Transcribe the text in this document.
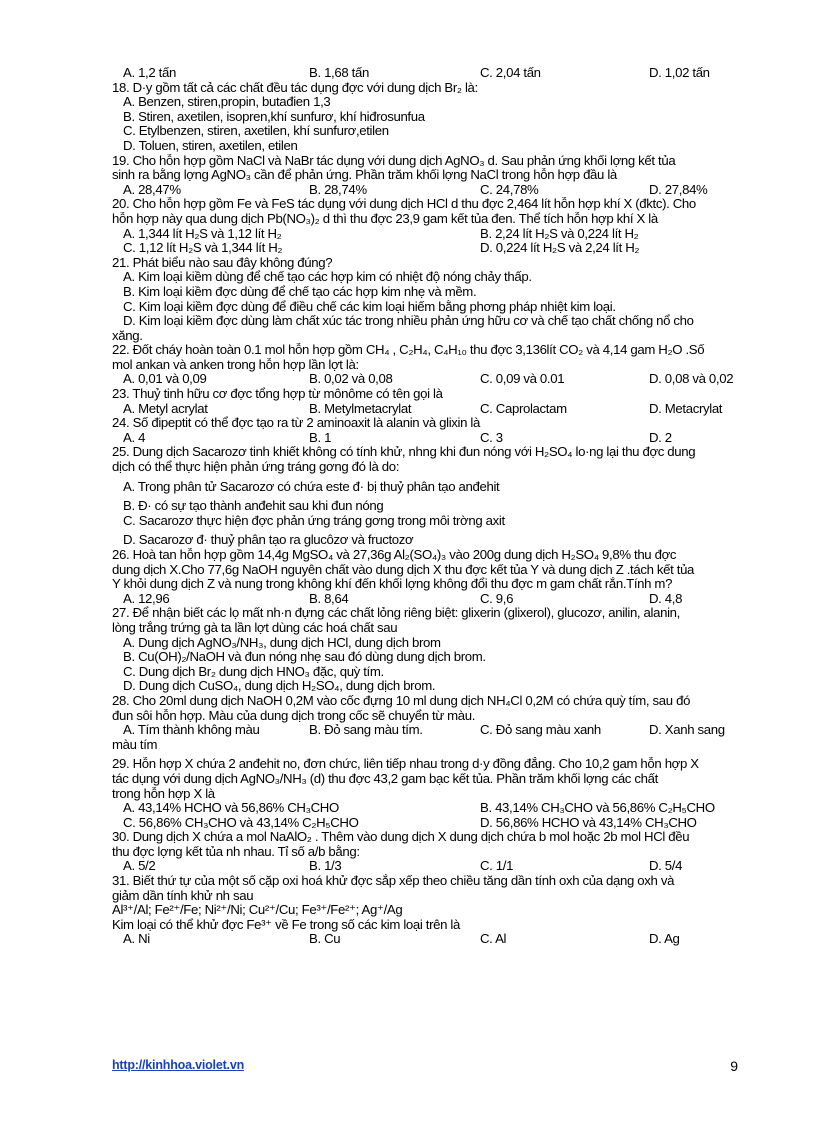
A. 1,2 tấn	B. 1,68 tấn	C. 2,04 tấn	D. 1,02 tấn
18. D·y gồm tất cả các chất đều tác dụng đợc với dung dịch Br₂ là:
A. Benzen, stiren,propin, butađien 1,3
B. Stiren, axetilen, isopren,khí sunfurơ, khí hiđrosunfua
C. Etylbenzen, stiren, axetilen, khí sunfurơ,etilen
D. Toluen, stiren, axetilen, etilen
19. Cho hỗn hợp gồm NaCl và NaBr tác dụng với dung dịch AgNO₃ d. Sau phản ứng khối lợng kết tủa
sinh ra bằng lợng AgNO₃ cần để phản ứng. Phần trăm khối lợng NaCl trong hỗn hợp đầu là
A. 28,47%	B. 28,74%	C. 24,78%	D. 27,84%
20. Cho hỗn hợp gồm Fe và FeS tác dụng với dung dịch HCl d thu đợc 2,464 lít hỗn hợp khí X (đktc). Cho
hỗn hợp này qua dung dịch Pb(NO₃)₂ d thì thu đợc 23,9 gam kết tủa đen. Thể tích hỗn hợp khí X là
A. 1,344 lít H₂S và 1,12 lít H₂	B. 2,24 lít H₂S và 0,224 lít H₂
C. 1,12 lít H₂S và 1,344 lít H₂	D. 0,224 lít H₂S và 2,24 lít H₂
21. Phát biểu nào sau đây không đúng?
A. Kim loại kiềm dùng để chế tạo các hợp kim có nhiệt độ nóng chảy thấp.
B. Kim loại kiềm đợc dùng để chế tạo các hợp kim nhẹ và mềm.
C. Kim loại kiềm đợc dùng để điều chế các kim loại hiếm bằng phơng pháp nhiệt kim loại.
D. Kim loại kiềm đợc dùng làm chất xúc tác trong nhiều phản ứng hữu cơ và chế tạo chất chống nổ cho
xăng.
22. Đốt cháy hoàn toàn 0.1 mol hỗn hợp gồm CH₄ , C₂H₄, C₄H₁₀ thu đợc 3,136lít CO₂ và 4,14 gam H₂O .Số
mol ankan và anken trong hỗn hợp lần lợt là:
A. 0,01 và 0,09	B. 0,02 và 0,08	C. 0,09 và 0.01	D. 0,08 và 0,02
23. Thuỷ tinh hữu cơ đợc tổng hợp từ mônôme có tên gọi là
A. Metyl acrylat	B. Metylmetacrylat	C. Caprolactam	D. Metacrylat
24. Số đipeptit có thể đợc tạo ra từ 2 aminoaxit là alanin và glixin là
A. 4	B. 1	C. 3	D. 2
25. Dung dịch Sacarozơ tinh khiết không có tính khử, nhng khi đun nóng với H₂SO₄ lo·ng lại thu đợc dung
dịch có thể thực hiện phản ứng tráng gơng đó là do:
A. Trong phân tử Sacarozơ có chứa este đ· bị thuỷ phân tạo anđehit
B. Đ· có sự tạo thành anđehit sau khi đun nóng
C. Sacarozơ thực hiện đợc phản ứng tráng gơng trong môi trờng axit
D. Sacarozơ đ· thuỷ phân tạo ra glucôzơ và fructozơ
26. Hoà tan hỗn hợp gồm 14,4g MgSO₄ và 27,36g Al₂(SO₄)₃ vào 200g dung dịch H₂SO₄ 9,8% thu đợc
dung dịch X.Cho 77,6g NaOH nguyên chất vào dung dịch X thu đợc kết tủa Y và dung dịch Z .tách kết tủa
Y khỏi dung dịch Z và nung trong không khí đến khối lợng không đổi thu đợc m gam chất rắn.Tính m?
A. 12,96	B. 8,64	C. 9,6	D. 4,8
27. Để nhận biết các lọ mất nh·n đựng các chất lỏng riêng biệt: glixerin (glixerol), glucozơ, anilin, alanin,
lòng trắng trứng gà ta lần lợt dùng các hoá chất sau
A. Dung dịch AgNO₃/NH₃, dung dịch HCl, dung dịch brom
B. Cu(OH)₂/NaOH và đun nóng nhẹ sau đó dùng dung dịch brom.
C. Dung dịch Br₂ dung dịch HNO₃ đặc, quỳ tím.
D. Dung dịch CuSO₄, dung dịch H₂SO₄, dung dịch brom.
28. Cho 20ml dung dịch NaOH 0,2M vào cốc đựng 10 ml dung dịch NH₄Cl 0,2M có chứa quỳ tím, sau đó
đun sôi hỗn hợp. Màu của dung dịch trong cốc sẽ chuyển từ màu.
A. Tím thành không màu	B. Đỏ sang màu tím.	C. Đỏ sang màu xanh	D. Xanh sang
màu tím
29. Hỗn hợp X chứa 2 anđehit no, đơn chức, liên tiếp nhau trong d·y đồng đẳng. Cho 10,2 gam hỗn hợp X
tác dụng với dung dịch AgNO₃/NH₃ (d) thu đợc 43,2 gam bạc kết tủa. Phần trăm khối lợng các chất
trong hỗn hợp X là
A. 43,14% HCHO và 56,86% CH₃CHO	B. 43,14% CH₃CHO và 56,86% C₂H₅CHO
C. 56,86% CH₃CHO và 43,14% C₂H₅CHO	D. 56,86% HCHO và 43,14% CH₃CHO
30. Dung dịch X chứa a mol NaAlO₂ . Thêm vào dung dịch X dung dịch chứa b mol hoặc 2b mol HCl đều
thu đợc lợng kết tủa nh nhau. Tỉ số a/b bằng:
A. 5/2	B. 1/3	C. 1/1	D. 5/4
31. Biết thứ tự của một số cặp oxi hoá khử đợc sắp xếp theo chiều tăng dần tính oxh của dạng oxh và
giảm dần tính khử nh sau
Al³⁺/Al; Fe²⁺/Fe; Ni²⁺/Ni; Cu²⁺/Cu; Fe³⁺/Fe²⁺; Ag⁺/Ag
Kim loại có thể khử đợc Fe³⁺ về Fe trong số các kim loại trên là
A. Ni	B. Cu	C. Al	D. Ag
http://kinhhoa.violet.vn	9
